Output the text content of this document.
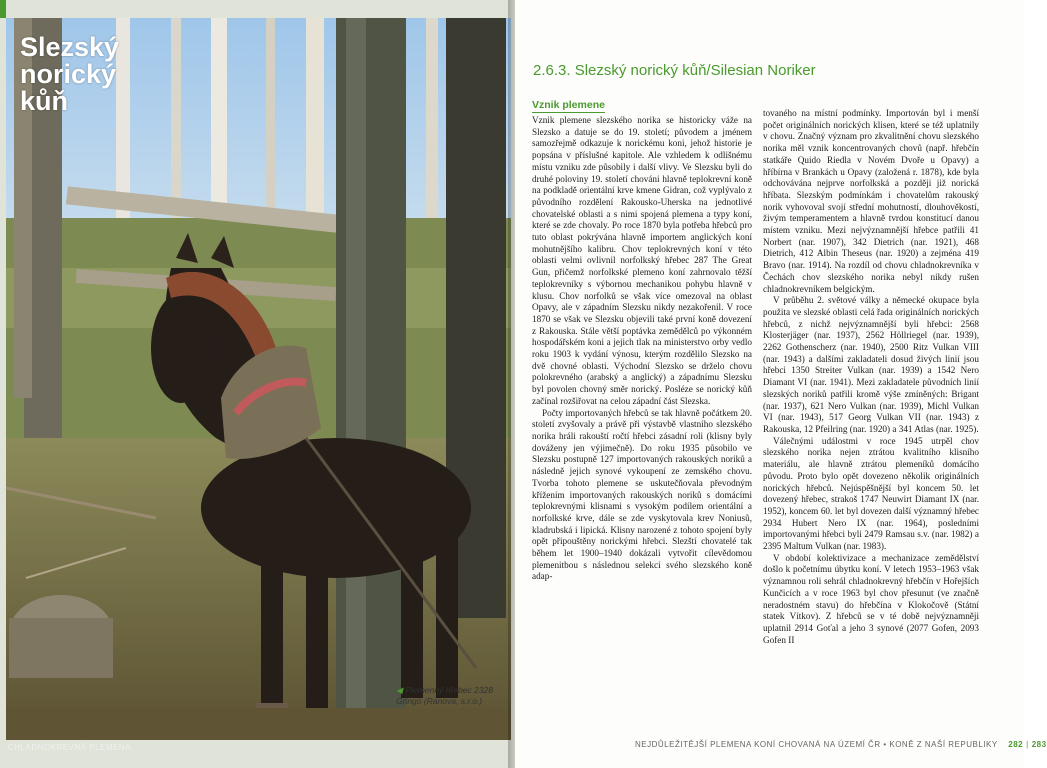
Slezský
norický
kůň
◀ Plemenný hřebec 2328 Gringo (Ranova, s.r.o.)
CHLADNOKREVNÁ PLEMENA
2.6.3. Slezský norický kůň/Silesian Noriker
Vznik plemene

Vznik plemene slezského norika se historicky váže na Slezsko a datuje se do 19. století; původem a jménem samozřejmě odkazuje k norickému koni, jehož historie je popsána v příslušné kapitole. Ale vzhledem k odlišnému místu vzniku zde působily i další vlivy. Ve Slezsku byli do druhé poloviny 19. století chováni hlavně teplokrevní koně na podkladě orientální krve kmene Gidran, což vyplývalo z původního rozdělení Rakousko-Uherska na jednotlivé chovatelské oblasti a s nimi spojená plemena a typy koní, které se zde chovaly. Po roce 1870 byla potřeba hřebců pro tuto oblast pokrývána hlavně importem anglických koní mohutnějšího kalibru. Chov teplokrevných koní v této oblasti velmi ovlivnil norfolkský hřebec 287 The Great Gun, přičemž norfolkské plemeno koní zahrnovalo těžší teplokrevníky s výbornou mechanikou pohybu hlavně v klusu. Chov norfolků se však více omezoval na oblast Opavy, ale v západním Slezsku nikdy nezakořenil. V roce 1870 se však ve Slezsku objevili také první koně dovezení z Rakouska. Stále větší poptávka zemědělců po výkonném hospodářském koni a jejich tlak na ministerstvo orby vedlo roku 1903 k vydání výnosu, kterým rozdělilo Slezsko na dvě chovné oblasti. Východní Slezsko se drželo chovu polokrevného (arabský a anglický) a západnímu Slezsku byl povolen chovný směr norický. Posléze se norický kůň začínal rozšiřovat na celou západní část Slezska.

Počty importovaných hřebců se tak hlavně počátkem 20. století zvyšovaly a právě při výstavbě vlastního slezského norika hráli rakouští ročtí hřebci zásadní roli (klisny byly dováženy jen výjimečně). Do roku 1935 působilo ve Slezsku postupně 127 importovaných rakouských noriků a následně jejich synové vykoupení ze zemského chovu. Tvorba tohoto plemene se uskutečňovala převodným křížením importovaných rakouských noriků s domácími teplokrevnými klisnami s vysokým podílem orientální a norfolkské krve, dále se zde vyskytovala krev Noniusů, kladrubská i lipická. Klisny narozené z tohoto spojení byly opět připouštěny norickými hřebci. Slezští chovatelé tak během let 1900–1940 dokázali vytvořit cílevědomou plemenitbou s následnou selekcí svého slezského koně adap-

tovaného na místní podmínky. Importován byl i menší počet originálních norických klisen, které se též uplatnily v chovu. Značný význam pro zkvalitnění chovu slezského norika měl vznik koncentrovaných chovů (např. hřebčín statkáře Quido Riedla v Novém Dvoře u Opavy) a hříbírna v Brankách u Opavy (založená r. 1878), kde byla odchovávána nejprve norfolkská a později již norická hříbata. Slezským podmínkám i chovatelům rakouský norik vyhovoval svojí střední mohutností, dlouhověkostí, živým temperamentem a hlavně tvrdou konstitucí danou místem vzniku. Mezi nejvýznamnější hřebce patřili 41 Norbert (nar. 1907), 342 Dietrich (nar. 1921), 468 Dietrich, 412 Albin Theseus (nar. 1920) a zejména 419 Bravo (nar. 1914). Na rozdíl od chovu chladnokrevníka v Čechách chov slezského norika nebyl nikdy rušen chladnokrevníkem belgickým.

V průběhu 2. světové války a německé okupace byla použita ve slezské oblasti celá řada originálních norických hřebců, z nichž nejvýznamnější byli hřebci: 2568 Klosterjäger (nar. 1937), 2562 Höllriegel (nar. 1939), 2262 Gothenscherz (nar. 1940), 2500 Ritz Vulkan VIII (nar. 1943) a dalšími zakladateli dosud živých linií jsou hřebci 1350 Streiter Vulkan (nar. 1939) a 1542 Nero Diamant VI (nar. 1941). Mezi zakladatele původních linií slezských noriků patřili kromě výše zmíněných: Brigant (nar. 1937), 621 Nero Vulkan (nar. 1939), Michl Vulkan VI (nar. 1943), 517 Georg Vulkan VII (nar. 1943) z Rakouska, 12 Pfeilring (nar. 1920) a 341 Atlas (nar. 1925).

Válečnými událostmi v roce 1945 utrpěl chov slezského norika nejen ztrátou kvalitního klisního materiálu, ale hlavně ztrátou plemeníků domácího původu. Proto bylo opět dovezeno několik originálních norických hřebců. Nejúspěšnější byl koncem 50. let dovezený hřebec, strakoš 1747 Neuwirt Diamant IX (nar. 1952), koncem 60. let byl dovezen další významný hřebec 2934 Hubert Nero IX (nar. 1964), posledními importovanými hřebci byli 2479 Ramsau s.v. (nar. 1982) a 2395 Maltum Vulkan (nar. 1983).

V období kolektivizace a mechanizace zemědělství došlo k početnímu úbytku koní. V letech 1953–1963 však významnou roli sehrál chladnokrevný hřebčín v Hořejších Kunčicích a v roce 1963 byl chov přesunut (ve značně neradostném stavu) do hřebčína v Klokočově (Státní statek Vítkov). Z hřebců se v té době nejvýznamněji uplatnil 2914 Goťal a jeho 3 synové (2077 Gofen, 2093 Gofen II

NEJDŮLEŽITĚJŠÍ PLEMENA KONÍ CHOVANÁ NA ÚZEMÍ ČR • KONĚ Z NAŠÍ REPUBLIKY 282 | 283
